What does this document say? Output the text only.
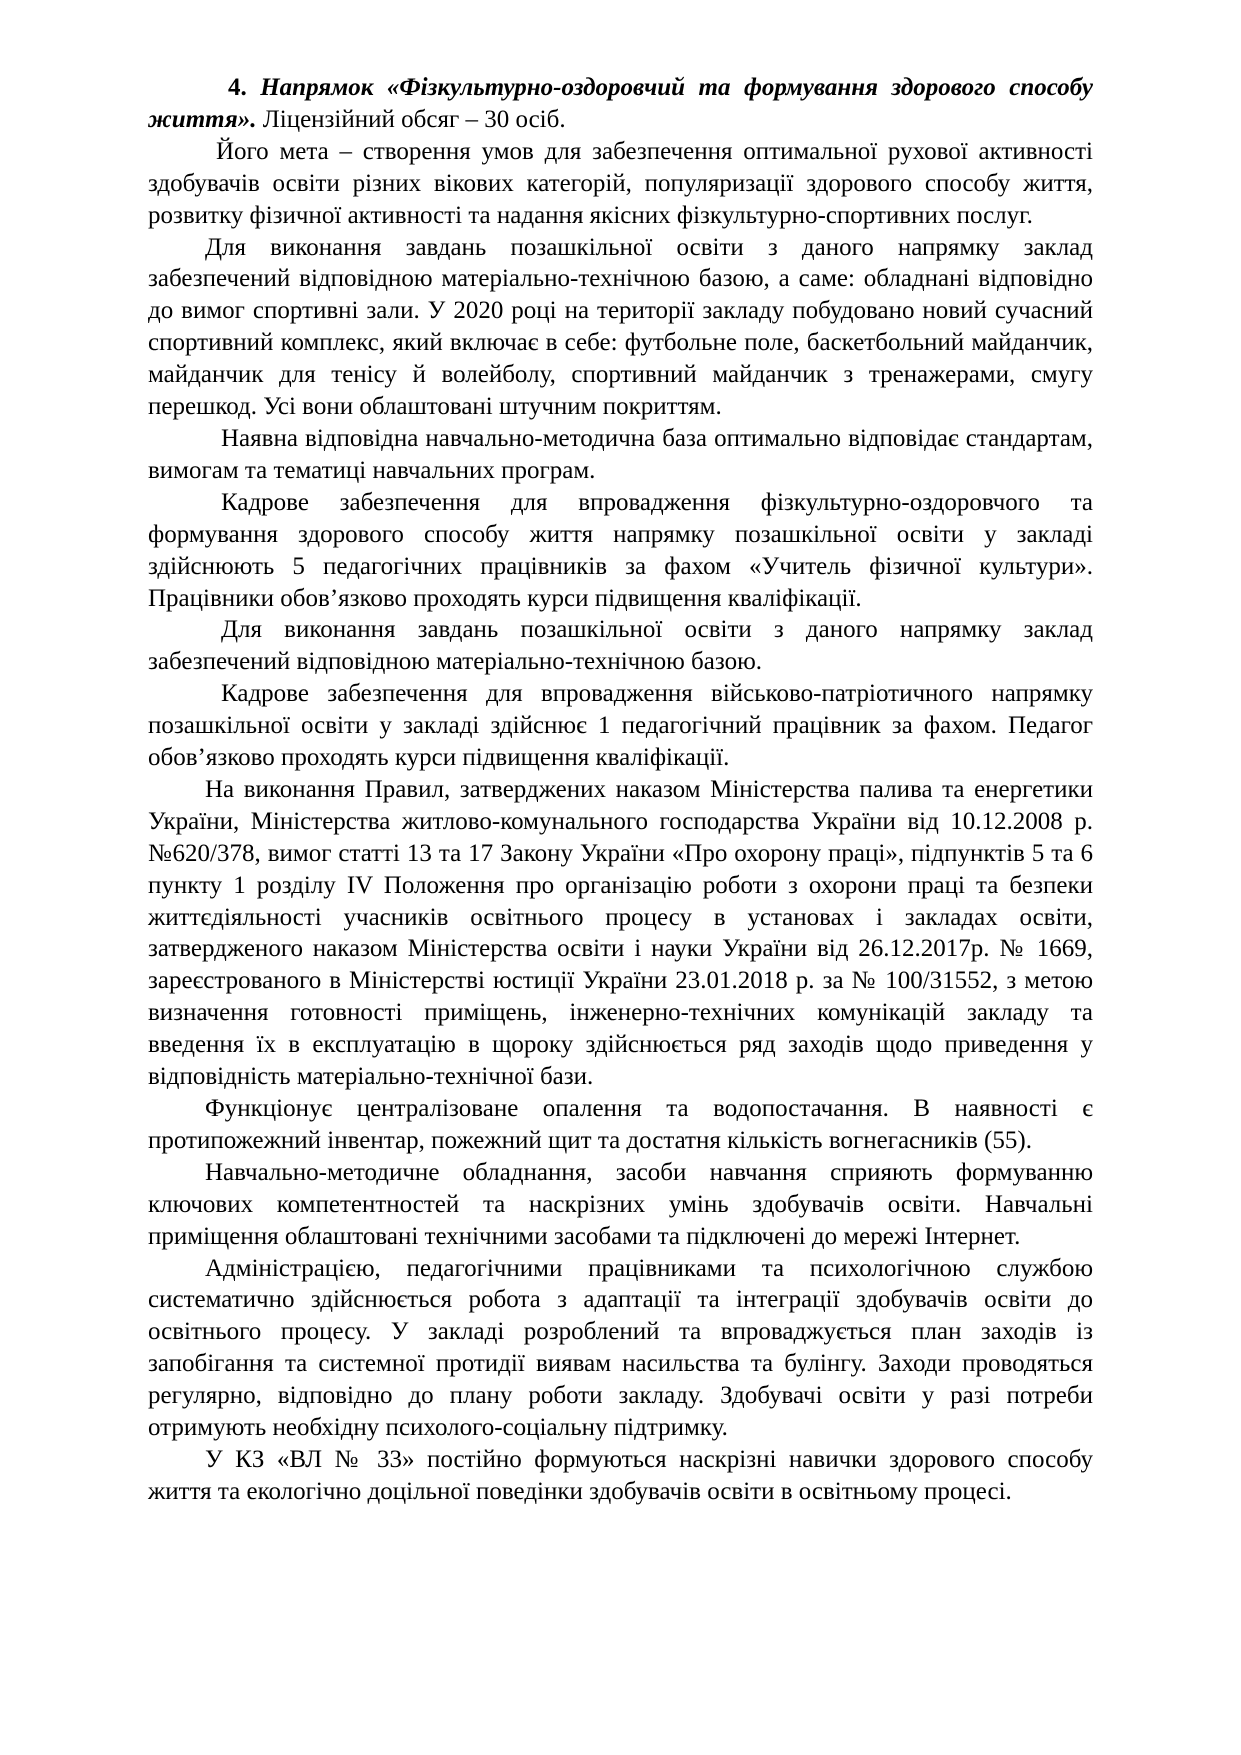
4. Напрямок «Фізкультурно-оздоровчий та формування здорового способу життя». Ліцензійний обсяг – 30 осіб.

Його мета – створення умов для забезпечення оптимальної рухової активності здобувачів освіти різних вікових категорій, популяризації здорового способу життя, розвитку фізичної активності та надання якісних фізкультурно-спортивних послуг.

Для виконання завдань позашкільної освіти з даного напрямку заклад забезпечений відповідною матеріально-технічною базою, а саме: обладнані відповідно до вимог спортивні зали. У 2020 році на території закладу побудовано новий сучасний спортивний комплекс, який включає в себе: футбольне поле, баскетбольний майданчик, майданчик для тенісу й волейболу, спортивний майданчик з тренажерами, смугу перешкод. Усі вони облаштовані штучним покриттям.

Наявна відповідна навчально-методична база оптимально відповідає стандартам, вимогам та тематиці навчальних програм.

Кадрове забезпечення для впровадження фізкультурно-оздоровчого та формування здорового способу життя напрямку позашкільної освіти у закладі здійснюють 5 педагогічних працівників за фахом «Учитель фізичної культури». Працівники обов’язково проходять курси підвищення кваліфікації.

Для виконання завдань позашкільної освіти з даного напрямку заклад забезпечений відповідною матеріально-технічною базою.

Кадрове забезпечення для впровадження військово-патріотичного напрямку позашкільної освіти у закладі здійснює 1 педагогічний працівник за фахом. Педагог обов’язково проходять курси підвищення кваліфікації.

На виконання Правил, затверджених наказом Міністерства палива та енергетики України, Міністерства житлово-комунального господарства України від 10.12.2008 р. №620/378, вимог статті 13 та 17 Закону України «Про охорону праці», підпунктів 5 та 6 пункту 1 розділу IV Положення про організацію роботи з охорони праці та безпеки життєдіяльності учасників освітнього процесу в установах і закладах освіти, затвердженого наказом Міністерства освіти і науки України від 26.12.2017р. № 1669, зареєстрованого в Міністерстві юстиції України 23.01.2018 р. за № 100/31552, з метою визначення готовності приміщень, інженерно-технічних комунікацій закладу та введення їх в експлуатацію в щороку здійснюється ряд заходів щодо приведення у відповідність матеріально-технічної бази.

Функціонує централізоване опалення та водопостачання. В наявності є протипожежний інвентар, пожежний щит та достатня кількість вогнегасників (55).

Навчально-методичне обладнання, засоби навчання сприяють формуванню ключових компетентностей та наскрізних умінь здобувачів освіти. Навчальні приміщення облаштовані технічними засобами та підключені до мережі Інтернет.

Адміністрацією, педагогічними працівниками та психологічною службою систематично здійснюється робота з адаптації та інтеграції здобувачів освіти до освітнього процесу. У закладі розроблений та впроваджується план заходів із запобігання та системної протидії виявам насильства та булінгу. Заходи проводяться регулярно, відповідно до плану роботи закладу. Здобувачі освіти у разі потреби отримують необхідну психолого-соціальну підтримку.

У КЗ «ВЛ № 33» постійно формуються наскрізні навички здорового способу життя та екологічно доцільної поведінки здобувачів освіти в освітньому процесі.
